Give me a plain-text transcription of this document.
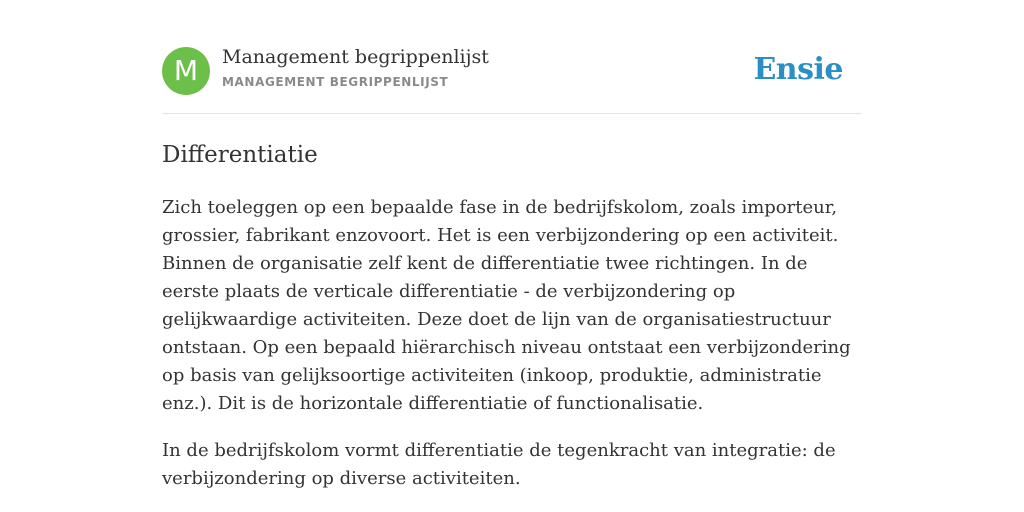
M	Management begrippenlijst
MANAGEMENT BEGRIPPENLIJST	Ensie
Differentiatie

Zich toeleggen op een bepaalde fase in de bedrijfskolom, zoals importeur, grossier, fabrikant enzovoort. Het is een verbijzondering op een activiteit. Binnen de organisatie zelf kent de differentiatie twee richtingen. In de eerste plaats de verticale differentiatie - de verbijzondering op gelijkwaardige activiteiten. Deze doet de lijn van de organisatiestructuur ontstaan. Op een bepaald hiërarchisch niveau ontstaat een verbijzondering op basis van gelijksoortige activiteiten (inkoop, produktie, administratie enz.). Dit is de horizontale differentiatie of functionalisatie.

In de bedrijfskolom vormt differentiatie de tegenkracht van integratie: de verbijzondering op diverse activiteiten.
